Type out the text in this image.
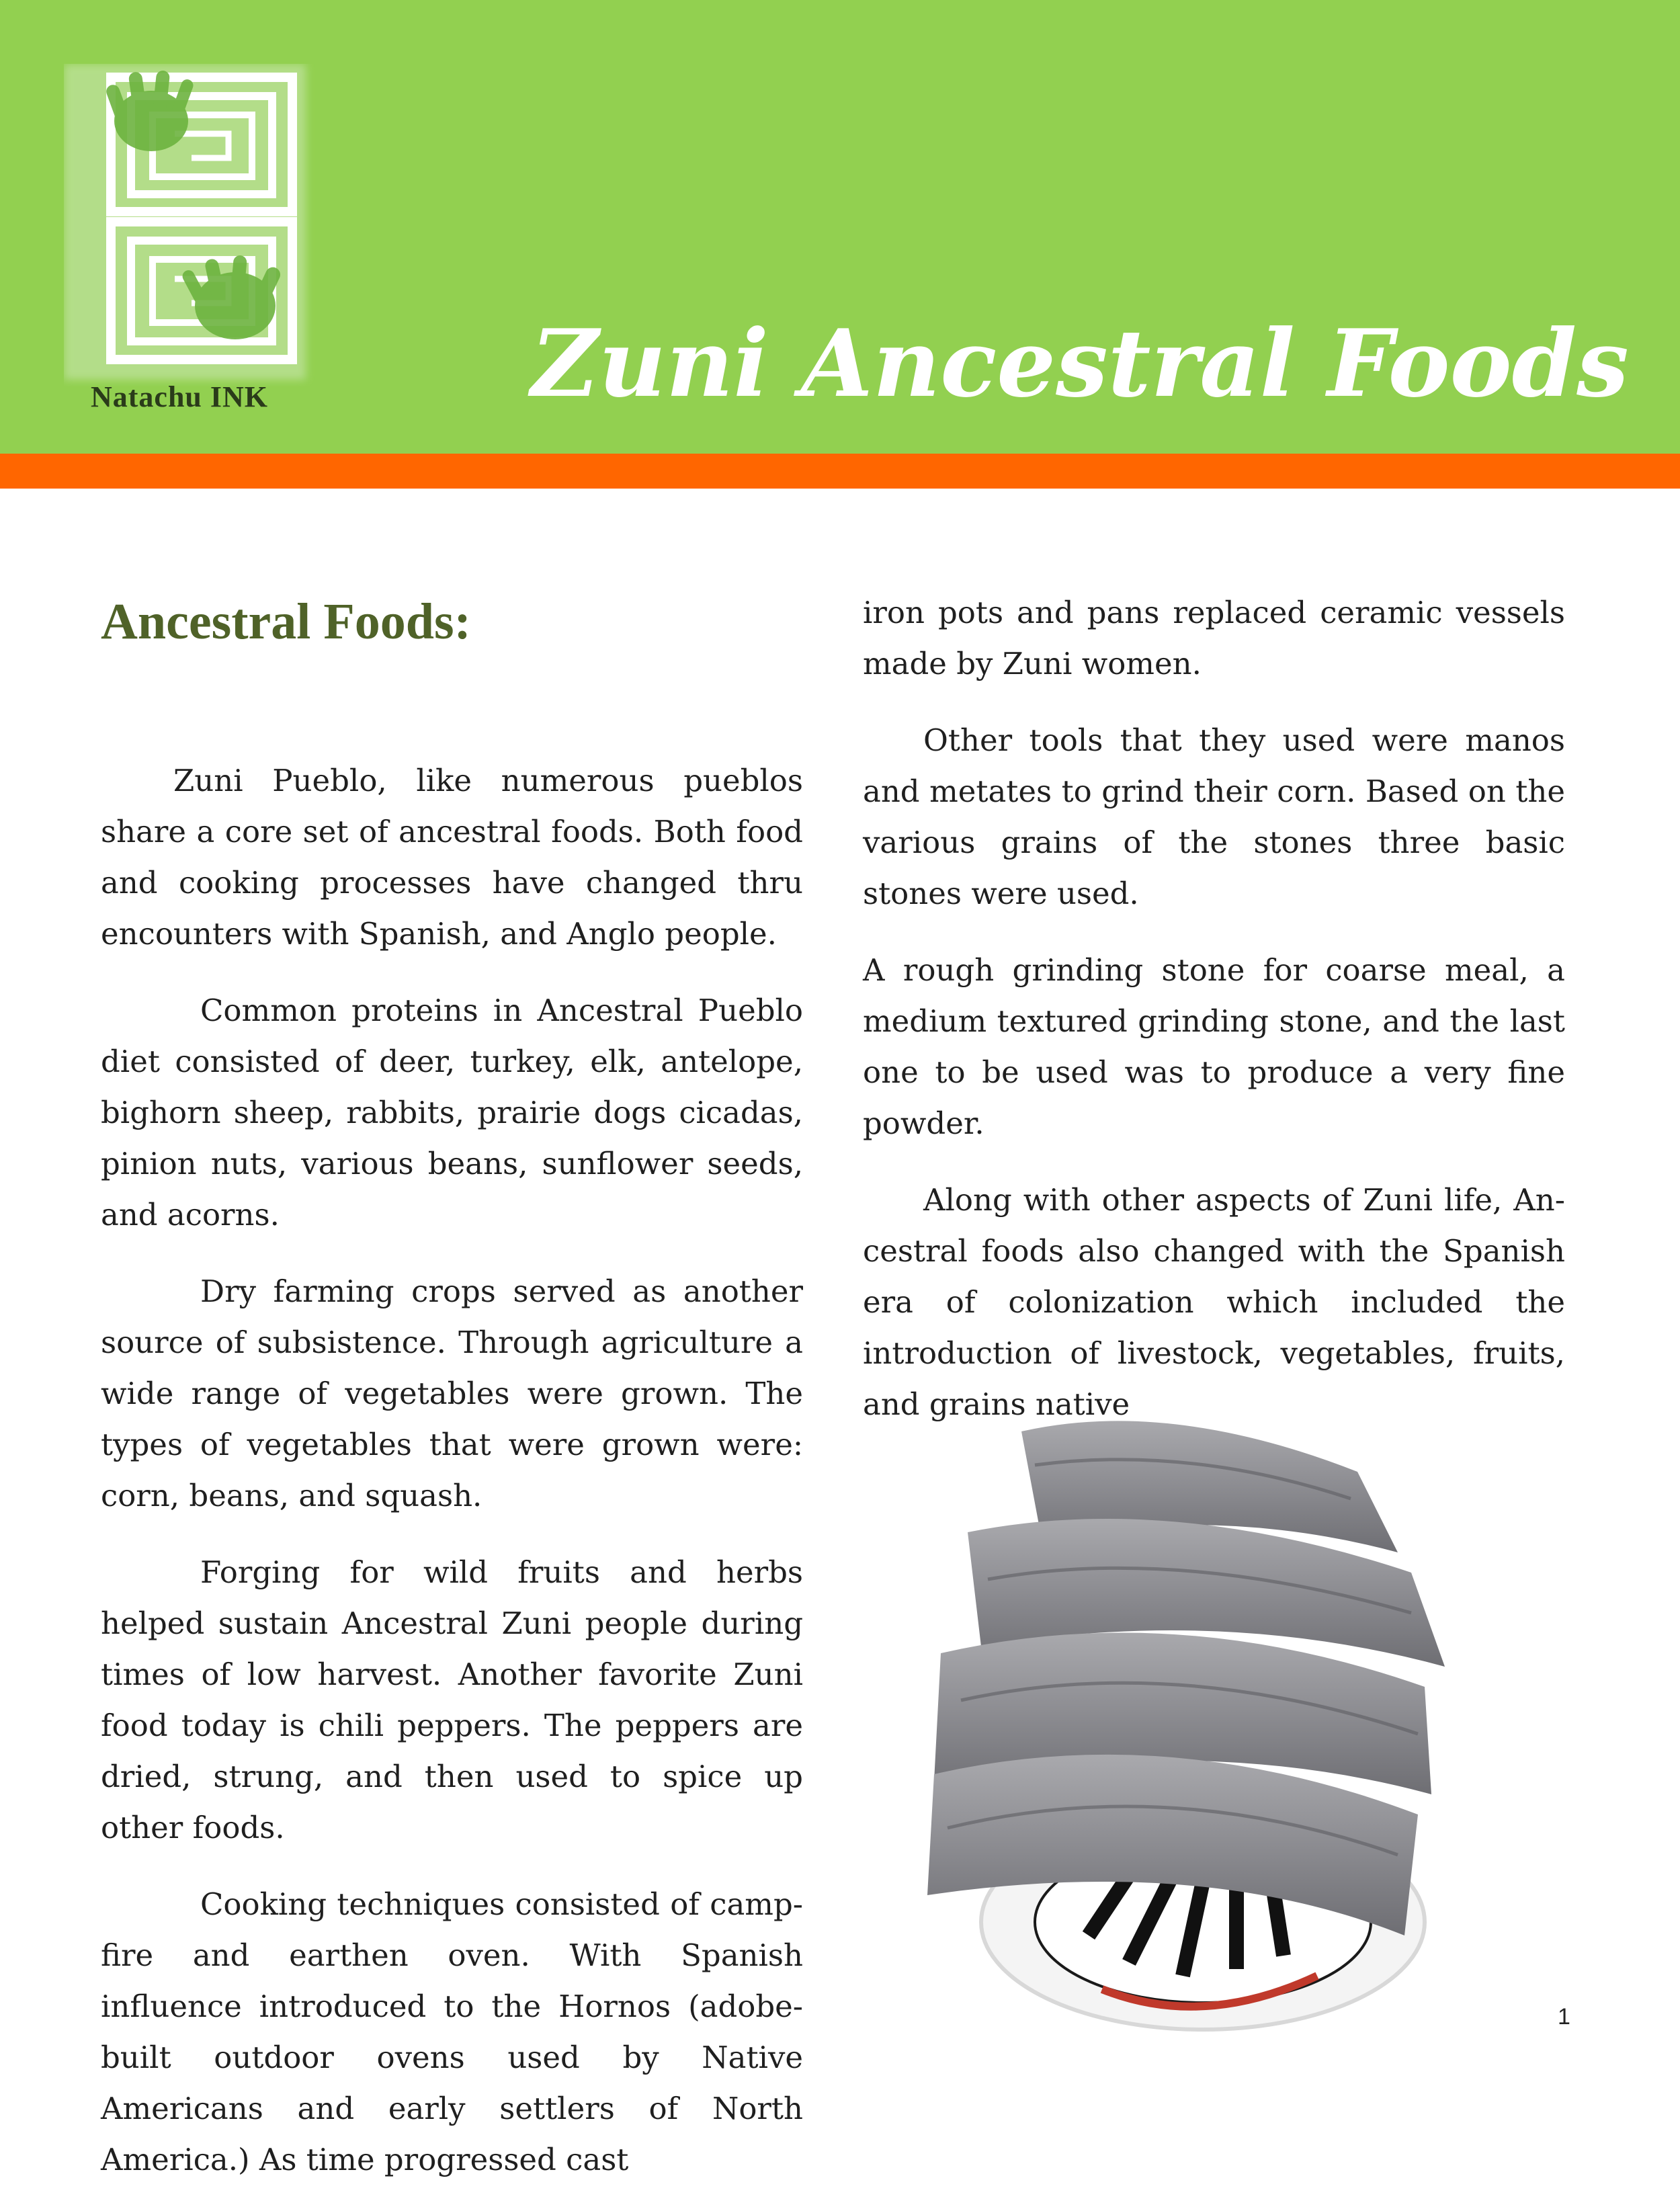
Natachu INK	Zuni Ancestral Foods
Ancestral Foods:

Zuni Pueblo, like numerous pueblos share a core set of ancestral foods. Both food and cooking processes have changed thru encounters with Spanish, and Anglo people.

Common proteins in Ancestral Pueblo diet consisted of deer, turkey, elk, antelope, bighorn sheep, rabbits, prairie dogs cicadas, pinion nuts, various beans, sunflower seeds, and acorns.

Dry farming crops served as another source of subsistence. Through agriculture a wide range of vegetables were grown. The types of vegetables that were grown were: corn, beans, and squash.

Forging for wild fruits and herbs helped sustain Ancestral Zuni people during times of low harvest. Another favorite Zuni food today is chili peppers. The peppers are dried, strung, and then used to spice up other foods.

Cooking techniques consisted of campfire and earthen oven. With Spanish influence introduced to the Hornos (adobe-built outdoor ovens used by Native Americans and early settlers of North America.) As time progressed cast

iron pots and pans replaced ceramic vessels made by Zuni women.

Other tools that they used were manos and metates to grind their corn. Based on the various grains of the stones three basic stones were used.

A rough grinding stone for coarse meal, a medium textured grinding stone, and the last one to be used was to produce a very fine powder.

Along with other aspects of Zuni life, Ancestral foods also changed with the Spanish era of colonization which included the introduction of livestock, vegetables, fruits, and grains native

1
